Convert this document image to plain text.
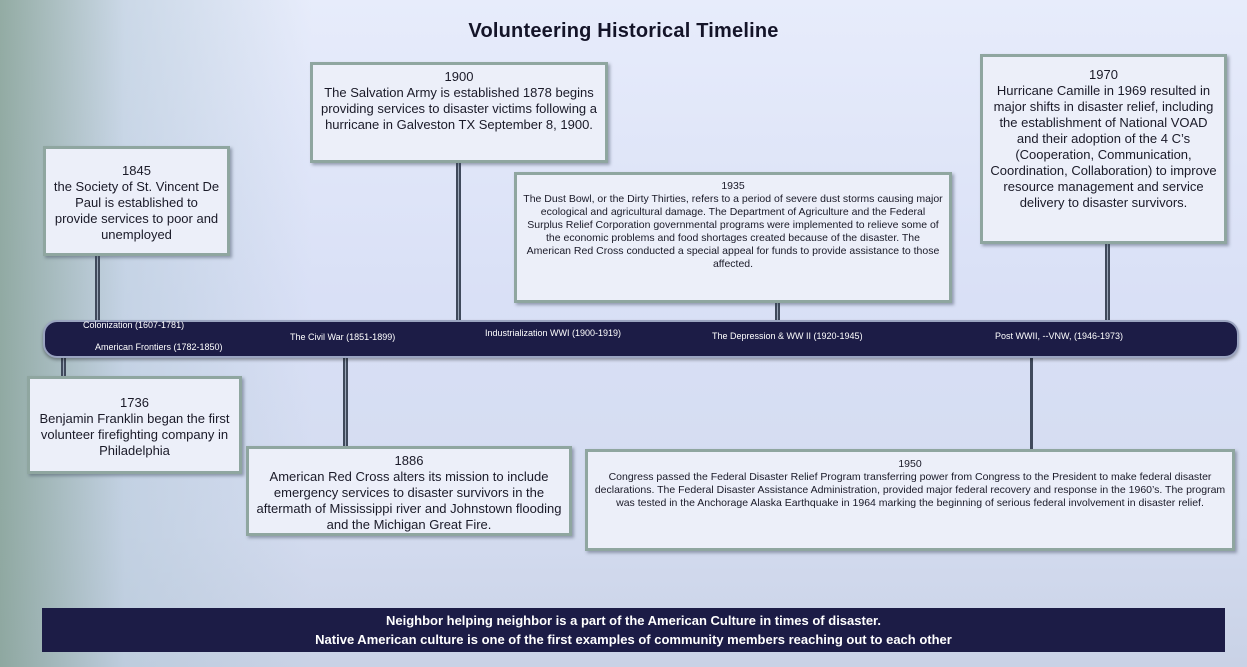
Volunteering Historical Timeline
1845
the Society of St. Vincent De Paul is established to provide services to poor and unemployed
1900
The Salvation Army is established 1878 begins providing services to disaster victims following a hurricane in Galveston TX September 8, 1900.
1935
The Dust Bowl, or the Dirty Thirties, refers to a period of severe dust storms causing major ecological and agricultural damage. The Department of Agriculture and the Federal Surplus Relief Corporation governmental programs were implemented to relieve some of the economic problems and food shortages created because of the disaster. The American Red Cross conducted a special appeal for funds to provide assistance to those affected.
1970
Hurricane Camille in 1969 resulted in major shifts in disaster relief, including the establishment of National VOAD and their adoption of the 4 C’s (Cooperation, Communication, Coordination, Collaboration) to improve resource management and service delivery to disaster survivors.
Colonization (1607-1781)
American Frontiers (1782-1850)
The Civil War (1851-1899)	Industrialization WWI (1900-1919)	The Depression & WW II (1920-1945)	Post WWII, --VNW, (1946-1973)
1736
Benjamin Franklin began the first volunteer firefighting company in Philadelphia
1886
American Red Cross alters its mission to include emergency services to disaster survivors in the aftermath of Mississippi river and Johnstown flooding and the Michigan Great Fire.
1950
Congress passed the Federal Disaster Relief Program transferring power from Congress to the President to make federal disaster declarations. The Federal Disaster Assistance Administration, provided major federal recovery and response in the 1960’s. The program was tested in the Anchorage Alaska Earthquake in 1964 marking the beginning of serious federal involvement in disaster relief.
Neighbor helping neighbor is a part of the American Culture in times of disaster.
Native American culture is one of the first examples of community members reaching out to each other
